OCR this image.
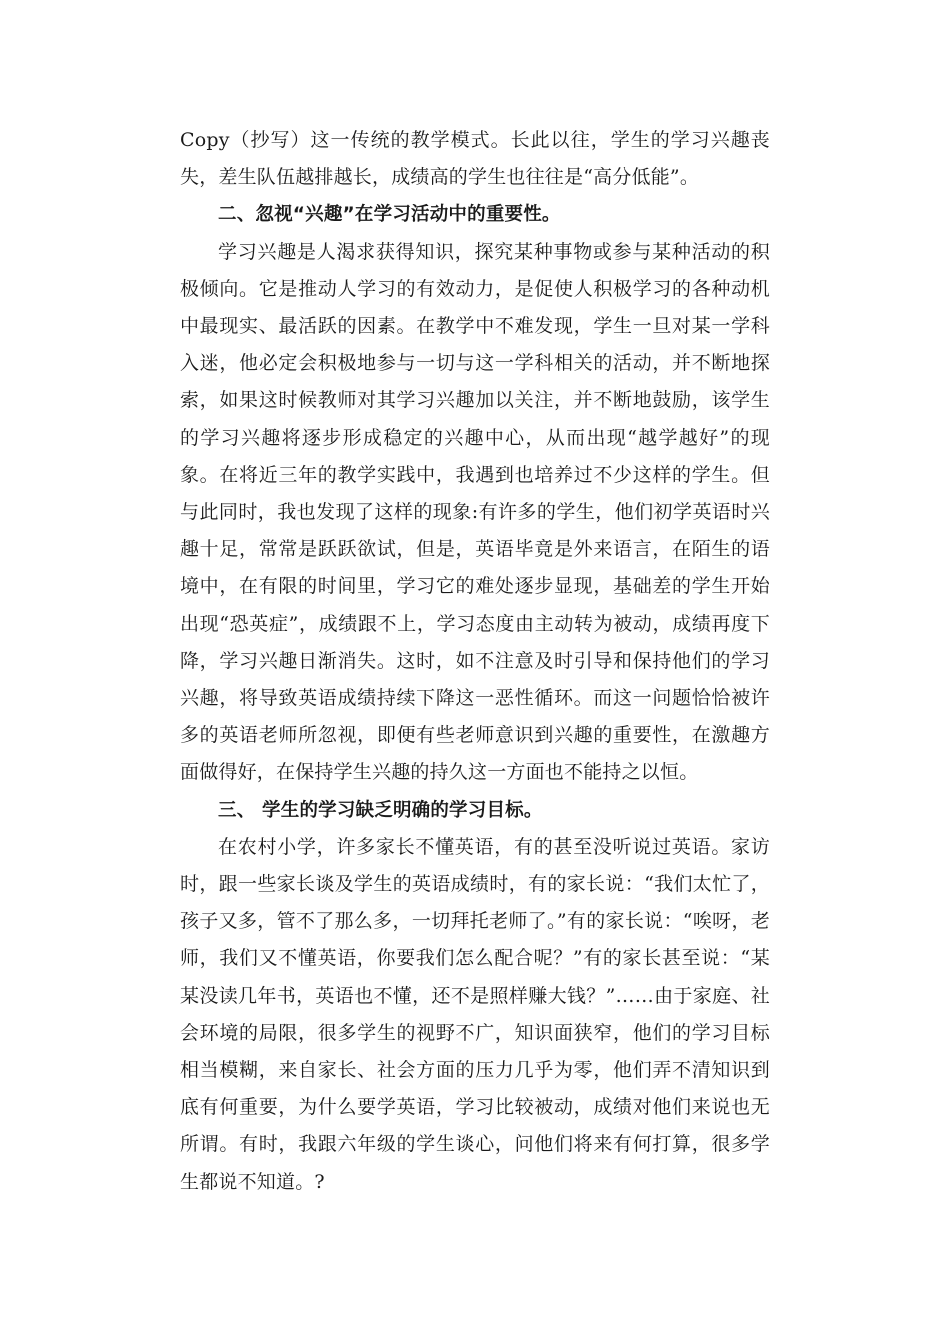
Copy（抄写）这一传统的教学模式。长此以往，学生的学习兴趣丧失，差生队伍越排越长，成绩高的学生也往往是“高分低能”。

二、忽视“兴趣”在学习活动中的重要性。

学习兴趣是人渴求获得知识，探究某种事物或参与某种活动的积极倾向。它是推动人学习的有效动力，是促使人积极学习的各种动机中最现实、最活跃的因素。在教学中不难发现，学生一旦对某一学科入迷，他必定会积极地参与一切与这一学科相关的活动，并不断地探索，如果这时候教师对其学习兴趣加以关注，并不断地鼓励，该学生的学习兴趣将逐步形成稳定的兴趣中心，从而出现“越学越好”的现象。在将近三年的教学实践中，我遇到也培养过不少这样的学生。但与此同时，我也发现了这样的现象:有许多的学生，他们初学英语时兴趣十足，常常是跃跃欲试，但是，英语毕竟是外来语言，在陌生的语境中，在有限的时间里，学习它的难处逐步显现，基础差的学生开始出现“恐英症”，成绩跟不上，学习态度由主动转为被动，成绩再度下降，学习兴趣日渐消失。这时，如不注意及时引导和保持他们的学习兴趣，将导致英语成绩持续下降这一恶性循环。而这一问题恰恰被许多的英语老师所忽视，即便有些老师意识到兴趣的重要性，在激趣方面做得好，在保持学生兴趣的持久这一方面也不能持之以恒。

三、 学生的学习缺乏明确的学习目标。

在农村小学，许多家长不懂英语，有的甚至没听说过英语。家访时，跟一些家长谈及学生的英语成绩时，有的家长说：“我们太忙了，孩子又多，管不了那么多，一切拜托老师了。”有的家长说：“唉呀，老师，我们又不懂英语，你要我们怎么配合呢？”有的家长甚至说：“某某没读几年书，英语也不懂，还不是照样赚大钱？”……由于家庭、社会环境的局限，很多学生的视野不广，知识面狭窄，他们的学习目标相当模糊，来自家长、社会方面的压力几乎为零，他们弄不清知识到底有何重要，为什么要学英语，学习比较被动，成绩对他们来说也无所谓。有时，我跟六年级的学生谈心，问他们将来有何打算，很多学生都说不知道。?
